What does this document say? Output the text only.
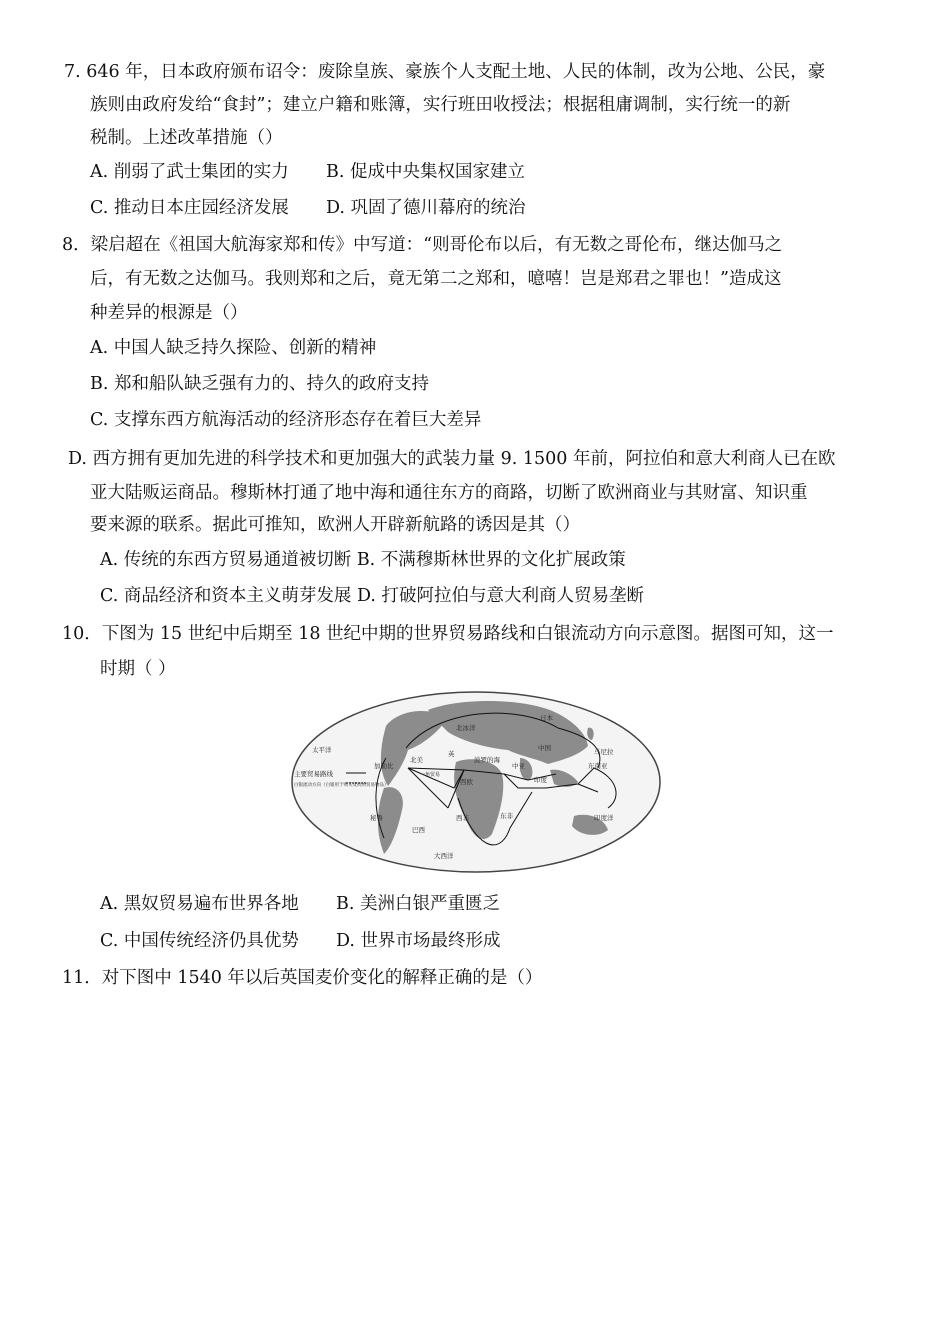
7. 646 年，日本政府颁布诏令：废除皇族、豪族个人支配土地、人民的体制，改为公地、公民，豪
族则由政府发给“食封”；建立户籍和账簿，实行班田收授法；根据租庸调制，实行统一的新
税制。上述改革措施（）
A. 削弱了武士集团的实力 B. 促成中央集权国家建立
C. 推动日本庄园经济发展 D. 巩固了德川幕府的统治
8．梁启超在《祖国大航海家郑和传》中写道：“则哥伦布以后，有无数之哥伦布，继达伽马之
后，有无数之达伽马。我则郑和之后，竟无第二之郑和，噫嘻！岂是郑君之罪也！”造成这
种差异的根源是（）
A. 中国人缺乏持久探险、创新的精神
B. 郑和船队缺乏强有力的、持久的政府支持
C. 支撑东西方航海活动的经济形态存在着巨大差异
D. 西方拥有更加先进的科学技术和更加强大的武装力量 9. 1500 年前，阿拉伯和意大利商人已在欧
亚大陆贩运商品。穆斯林打通了地中海和通往东方的商路，切断了欧洲商业与其财富、知识重
要来源的联系。据此可推知，欧洲人开辟新航路的诱因是其（）
A. 传统的东西方贸易通道被切断 B. 不满穆斯林世界的文化扩展政策
C. 商品经济和资本主义萌芽发展 D. 打破阿拉伯与意大利商人贸易垄断
10．下图为 15 世纪中后期至 18 世纪中期的世界贸易路线和白银流动方向示意图。据图可知，这一
时期（ ）
北冰洋
日本
太平洋
北美
英
波罗的海
中国	马尼拉
东南亚
加勒比
西欧
中亚
印度
东非
西非
秘鲁
巴西
大西洋
印度洋
主要贸易路线
白银流动方向（白银用于购买反向的贸易物品）
一角贸易
A. 黑奴贸易遍布世界各地 B. 美洲白银严重匮乏
C. 中国传统经济仍具优势 D. 世界市场最终形成
11．对下图中 1540 年以后英国麦价变化的解释正确的是（）
